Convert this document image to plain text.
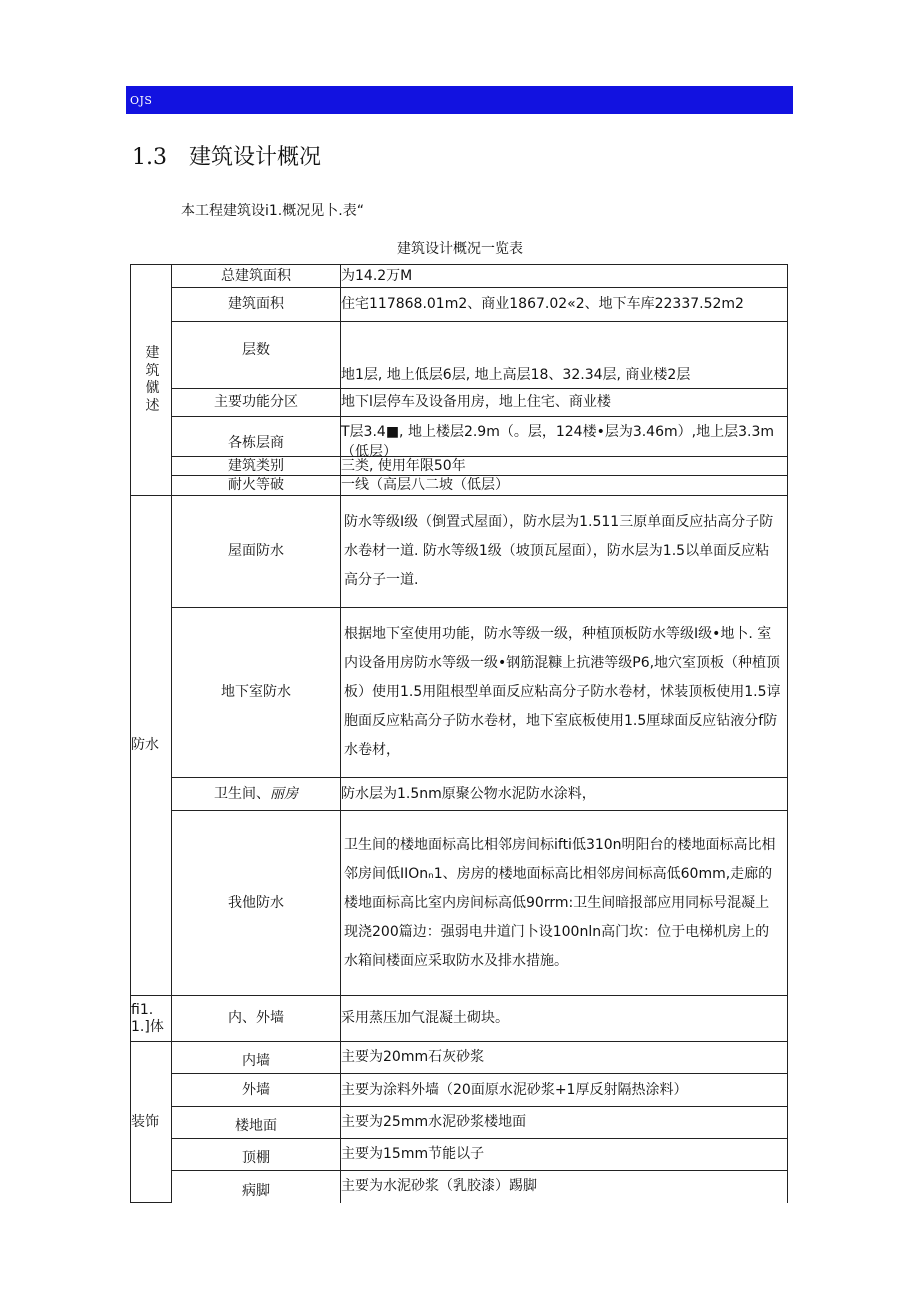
OJS
1.3 建筑设计概况

本工程建筑设i1.概况见卜.表“

建筑设计概况一览表
建筑僦述	总建筑面积	为14.2万M
	建筑面积	住宅117868.01m2、商业1867.02«2、地下车库22337.52m2
	层数	地1层, 地上低层6层, 地上高层18、32.34层, 商业楼2层
	主要功能分区	地下l层停车及设备用房，地上住宅、商业楼
	各栋层商	T层3.4■, 地上楼层2.9m（。层，124楼•层为3.46m）,地上层3.3m（低层）

	建筑类别	三类, 使用年限50年
	耐火等破	一线（高层八二坡（低层）
防水	屋面防水	防水等级I级（倒置式屋面），防水层为1.511三原单面反应拈高分子防水卷材一道. 防水等级1级（坡顶瓦屋面），防水层为1.5以单面反应粘高分子一道.
	地下室防水	根据地下室使用功能，防水等级一级，种植顶板防水等级I级•地卜. 室内设备用房防水等级一级•钢筋混糠上抗港等级P6,地穴室顶板（种植顶板）使用1.5用阻根型单面反应粘高分子防水卷材，怵装顶板使用1.5谆胞面反应粘高分子防水卷材，地下室底板使用1.5厘球面反应钻液分f防水卷材，
	卫生间、丽房	防水层为1.5nm原聚公物水泥防水涂料，
	我他防水	卫生间的楼地面标高比相邻房间标ⅰfti低310n明阳台的楼地面标高比相邻房间低IIOnₙ1、房房的楼地面标高比相邻房间标高低60mm,走廊的楼地面标高比室内房间标高低90rrm:卫生间暗报部应用同标号混凝上现浇200篇边：强弱电井道门卜设100nln高门坎：位于电梯机房上的水箱间楼面应采取防水及排水措施。
fi1.1.]体	内、外墙	采用蒸压加气混凝土砌块。
装饰	内墙	主要为20mm石灰砂浆
	外墙	主要为涂料外墙（20面原水泥砂浆+1厚反射隔热涂料）
	楼地面	主要为25mm水泥砂浆楼地面
	顶棚	主要为15mm节能以子
	病脚	主要为水泥砂浆（乳胶漆）踢脚
